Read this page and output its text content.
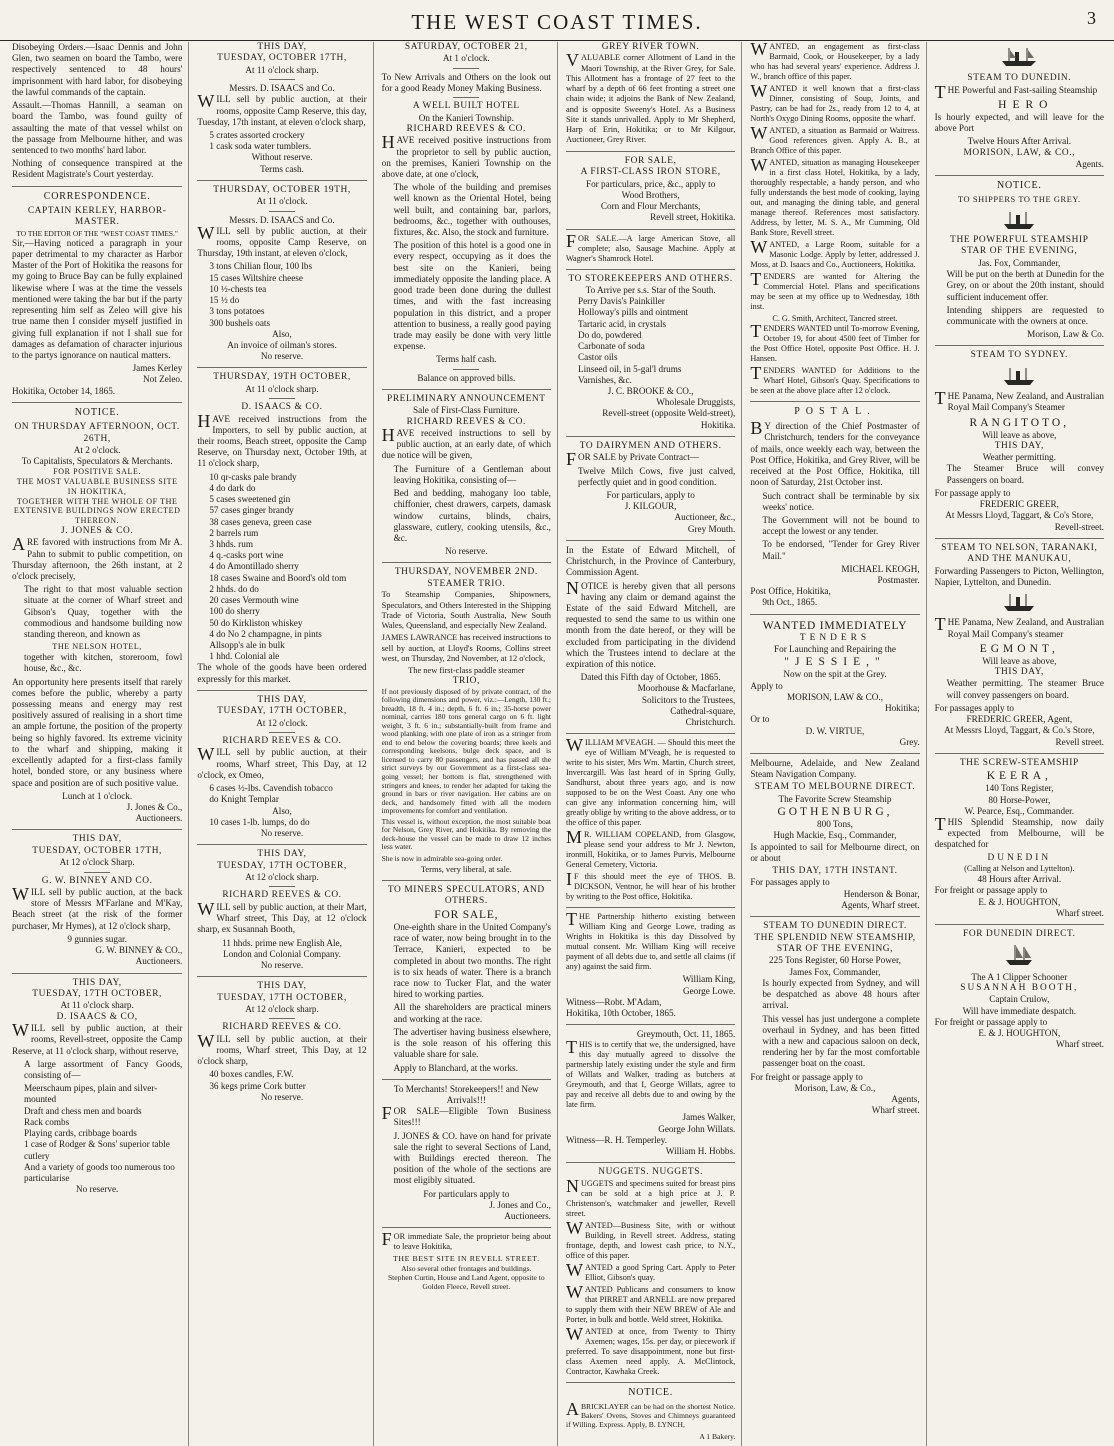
THE WEST COAST TIMES.	3

Disobeying Orders.—Isaac Dennis and John Glen, two seamen on board the Tambo, were respectively sentenced to 48 hours' imprisonment with hard labor, for disobeying the lawful commands of the captain.

Assault.—Thomas Hannill, a seaman on board the Tambo, was found guilty of assaulting the mate of that vessel whilst on the passage from Melbourne hither, and was sentenced to two months' hard labor.

Nothing of consequence transpired at the Resident Magistrate's Court yesterday.

CORRESPONDENCE.
CAPTAIN KERLEY, HARBOR-MASTER.
TO THE EDITOR OF THE "WEST COAST TIMES."

Sir,—Having noticed a paragraph in your paper detrimental to my character as Harbor Master of the Port of Hokitika the reasons for my going to Bruce Bay can be fully explained likewise where I was at the time the vessels mentioned were taking the bar but if the party representing him self as Zeleo will give his true name then I consider myself justified in giving full explanation if not I shall sue for damages as defamation of character injurious to the partys ignorance on nautical matters.

James Kerley
Not Zeleo.
Hokitika, October 14, 1865.
NOTICE.
ON THURSDAY AFTERNOON, OCT. 26TH,
At 2 o'clock.
To Capitalists, Speculators & Merchants.
FOR POSITIVE SALE.
THE MOST VALUABLE BUSINESS SITE
IN HOKITIKA,
TOGETHER WITH THE WHOLE OF THE
EXTENSIVE BUILDINGS NOW ERECTED
THEREON.
J. JONES & CO.

ARE favored with instructions from Mr A. Pahn to submit to public competition, on Thursday afternoon, the 26th instant, at 2 o'clock precisely,

The right to that most valuable section situate at the corner of Wharf street and Gibson's Quay, together with the commodious and handsome building now standing thereon, and known as

THE NELSON HOTEL,

together with kitchen, storeroom, fowl house, &c., &c.

An opportunity here presents itself that rarely comes before the public, whereby a party possessing means and energy may rest positively assured of realising in a short time an ample fortune, the position of the property being so highly favored. Its extreme vicinity to the wharf and shipping, making it excellently adapted for a first-class family hotel, bonded store, or any business where space and position are of such positive value.

Lunch at 1 o'clock.
J. Jones & Co.,
Auctioneers.
THIS DAY,
TUESDAY, OCTOBER 17TH,
At 12 o'clock Sharp.
G. W. BINNEY AND CO.

WILL sell by public auction, at the back store of Messrs M'Farlane and M'Kay, Beach street (at the risk of the former purchaser, Mr Hymes), at 12 o'clock sharp,

9 gunnies sugar.
G. W. BINNEY & CO.,
Auctioneers.
THIS DAY,
TUESDAY, 17TH OCTOBER,
At 11 o'clock sharp.
D. ISAACS & CO,

WILL sell by public auction, at their rooms, Revell-street, opposite the Camp Reserve, at 11 o'clock sharp, without reserve,

A large assortment of Fancy Goods, consisting of—

Meerschaum pipes, plain and silver-mounted
Draft and chess men and boards
Rack combs
Playing cards, cribbage boards
1 case of Rodger & Sons' superior table cutlery
And a variety of goods too numerous too particularise
No reserve.
THIS DAY,
TUESDAY, OCTOBER 17TH,
At 11 o'clock sharp.
Messrs. D. ISAACS and Co.

WILL sell by public auction, at their rooms, opposite Camp Reserve, this day, Tuesday, 17th instant, at eleven o'clock sharp,

5 crates assorted crockery
1 cask soda water tumblers.
Without reserve.
Terms cash.
THURSDAY, OCTOBER 19TH,
At 11 o'clock.
Messrs. D. ISAACS and Co.

WILL sell by public auction, at their rooms, opposite Camp Reserve, on Thursday, 19th instant, at eleven o'clock,

3 tons Chilian flour, 100 lbs
15 cases Wiltshire cheese
10 ½-chests tea
15 ½ do
3 tons potatoes
300 bushels oats
Also,
An invoice of oilman's stores.
No reserve.
THURSDAY, 19TH OCTOBER,
At 11 o'clock sharp.
D. ISAACS & CO.

HAVE received instructions from the Importers, to sell by public auction, at their rooms, Beach street, opposite the Camp Reserve, on Thursday next, October 19th, at 11 o'clock sharp,

10 qr-casks pale brandy
4 do dark do
5 cases sweetened gin
57 cases ginger brandy
38 cases geneva, green case
2 barrels rum
3 hhds. rum
4 q.-casks port wine
4 do Amontillado sherry
18 cases Swaine and Boord's old tom
2 hhds. do do
20 cases Vermouth wine
100 do sherry
50 do Kirkliston whiskey
4 do No 2 champagne, in pints
Allsopp's ale in bulk
1 hhd. Colonial ale

The whole of the goods have been ordered expressly for this market.

THIS DAY,
TUESDAY, 17TH OCTOBER,
At 12 o'clock.
RICHARD REEVES & CO.

WILL sell by public auction, at their rooms, Wharf street, This Day, at 12 o'clock, ex Omeo,

6 cases ½-lbs. Cavendish tobacco
do Knight Templar
Also,
10 cases 1-lb. lumps, do do
No reserve.
THIS DAY,
TUESDAY, 17TH OCTOBER,
At 12 o'clock sharp.
RICHARD REEVES & CO.

WILL sell by public auction, at their Mart, Wharf street, This Day, at 12 o'clock sharp, ex Susannah Booth,

11 hhds. prime new English Ale,
London and Colonial Company.
No reserve.
THIS DAY,
TUESDAY, 17TH OCTOBER,
At 12 o'clock sharp.
RICHARD REEVES & CO.

WILL sell by public auction, at their rooms, Wharf street, This Day, at 12 o'clock sharp,

40 boxes candles, F.W.
36 kegs prime Cork butter
No reserve.
SATURDAY, OCTOBER 21,
At 1 o'clock.

To New Arrivals and Others on the look out for a good Ready Money Making Business.

A WELL BUILT HOTEL
On the Kanieri Township.
RICHARD REEVES & CO.

HAVE received positive instructions from the proprietor to sell by public auction, on the premises, Kanieri Township on the above date, at one o'clock,

The whole of the building and premises well known as the Oriental Hotel, being well built, and containing bar, parlors, bedrooms, &c., together with outhouses, fixtures, &c. Also, the stock and furniture.

The position of this hotel is a good one in every respect, occupying as it does the best site on the Kanieri, being immediately opposite the landing place. A good trade been done during the dullest times, and with the fast increasing population in this district, and a proper attention to business, a really good paying trade may easily be done with very little expense.

Terms half cash.
Balance on approved bills.
PRELIMINARY ANNOUNCEMENT
Sale of First-Class Furniture.
RICHARD REEVES & CO.

HAVE received instructions to sell by public auction, at an early date, of which due notice will be given,

The Furniture of a Gentleman about leaving Hokitika, consisting of—

Bed and bedding, mahogany loo table, chiffonier, chest drawers, carpets, damask window curtains, blinds, chairs, glassware, cutlery, cooking utensils, &c., &c.

No reserve.
THURSDAY, NOVEMBER 2ND.
STEAMER TRIO.

To Steamship Companies, Shipowners, Speculators, and Others Interested in the Shipping Trade of Victoria, South Australia, New South Wales, Queensland, and especially New Zealand.

JAMES LAWRANCE has received instructions to sell by auction, at Lloyd's Rooms, Collins street west, on Thursday, 2nd November, at 12 o'clock,

The new first-class paddle steamer
TRIO,

If not previously disposed of by private contract, of the following dimensions and power, viz.:—Length, 130 ft.; breadth, 18 ft. 4 in.; depth, 6 ft. 6 in.; 35-horse power nominal, carries 180 tons general cargo on 6 ft. light weight, 3 ft. 6 in.; substantially-built from frame and wood planking, with one plate of iron as a stringer from end to end below the covering boards; three keels and corresponding keelsons, bulge deck space, and is licensed to carry 80 passengers, and has passed all the strict surveys by our Government as a first-class sea-going vessel; her bottom is flat, strengthened with stringers and knees, to render her adapted for taking the ground in bars or river navigation. Her cabins are on deck, and handsomely fitted with all the modern improvements for comfort and ventilation.

This vessel is, without exception, the most suitable boat for Nelson, Grey River, and Hokitika. By removing the deck-house the vessel can be made to draw 12 inches less water.

She is now in admirable sea-going order.

Terms, very liberal, at sale.
TO MINERS SPECULATORS, AND OTHERS.
FOR SALE,

One-eighth share in the United Company's race of water, now being brought in to the Terrace, Kanieri, expected to be completed in about two months. The right is to six heads of water. There is a branch race now to Tucker Flat, and the water hired to working parties.

All the shareholders are practical miners and working at the race.

The advertiser having business elsewhere, is the sole reason of his offering this valuable share for sale.

Apply to Blanchard, at the works.

To Merchants! Storekeepers!! and New Arrivals!!!

FOR SALE—Eligible Town Business Sites!!!

J. JONES & CO. have on hand for private sale the right to several Sections of Land, with Buildings erected thereon. The position of the whole of the sections are most eligibly situated.

For particulars apply to
J. Jones and Co.,
Auctioneers.

FOR immediate Sale, the proprietor being about to leave Hokitika,

THE BEST SITE IN REVELL STREET.
Also several other frontages and buildings.
Stephen Curtin, House and Land Agent, opposite to Golden Fleece, Revell street.
GREY RIVER TOWN.

VALUABLE corner Allotment of Land in the Maori Township, at the River Grey, for Sale. This Allotment has a frontage of 27 feet to the wharf by a depth of 66 feet fronting a street one chain wide; it adjoins the Bank of New Zealand, and is opposite Sweeny's Hotel. As a Business Site it stands unrivalled. Apply to Mr Shepherd, Harp of Erin, Hokitika; or to Mr Kilgour, Auctioneer, Grey River.

FOR SALE,
A FIRST-CLASS IRON STORE,
For particulars, price, &c., apply to
Wood Brothers,
Corn and Flour Merchants,
Revell street, Hokitika.

FOR SALE.—A large American Stove, all complete; also, Sausage Machine. Apply at Wagner's Shamrock Hotel.

TO STOREKEEPERS AND OTHERS.
To Arrive per s.s. Star of the South.
Perry Davis's Painkiller
Holloway's pills and ointment
Tartaric acid, in crystals
Do do, powdered
Carbonate of soda
Castor oils
Linseed oil, in 5-gal'l drums
Varnishes, &c.
J. C. BROOKE & CO.,
Wholesale Druggists,
Revell-street (opposite Weld-street),
Hokitika.
TO DAIRYMEN AND OTHERS.

FOR SALE by Private Contract—

Twelve Milch Cows, five just calved, perfectly quiet and in good condition.

For particulars, apply to
J. KILGOUR,
Auctioneer, &c.,
Grey Mouth.

In the Estate of Edward Mitchell, of Christchurch, in the Province of Canterbury, Commission Agent.

NOTICE is hereby given that all persons having any claim or demand against the Estate of the said Edward Mitchell, are requested to send the same to us within one month from the date hereof, or they will be excluded from participating in the dividend which the Trustees intend to declare at the expiration of this notice.

Dated this Fifth day of October, 1865.
Moorhouse & Macfarlane,
Solicitors to the Trustees,
Cathedral-square,
Christchurch.

WILLIAM M'VEAGH. — Should this meet the eye of William M'Veagh, he is requested to write to his sister, Mrs Wm. Martin, Church street, Invercargill. Was last heard of in Spring Gully, Sandhurst, about three years ago, and is now supposed to be on the West Coast. Any one who can give any information concerning him, will greatly oblige by writing to the above address, or to the office of this paper.

MR. WILLIAM COPELAND, from Glasgow, please send your address to Mr J. Newton, ironmill, Hokitika, or to James Purvis, Melbourne General Cemetery, Victoria.

IF this should meet the eye of THOS. B. DICKSON, Ventnor, he will hear of his brother by writing to the Post office, Hokitika.

THE Partnership hitherto existing between William King and George Lowe, trading as Wrights in Hokitika is this day Dissolved by mutual consent. Mr. William King will receive payment of all debts due to, and settle all claims (if any) against the said firm.

William King,
George Lowe.
Witness—Robt. M'Adam,
Hokitika, 10th October, 1865.
Greymouth, Oct. 11, 1865.

THIS is to certify that we, the undersigned, have this day mutually agreed to dissolve the partnership lately existing under the style and firm of Willats and Walker, trading as butchers at Greymouth, and that I, George Willats, agree to pay and receive all debts due to and owing by the late firm.

James Walker,
George John Willats.
Witness—R. H. Temperley.
William H. Hobbs.
NUGGETS. NUGGETS.

NUGGETS and specimens suited for breast pins can be sold at a high price at J. P. Christenson's, watchmaker and jeweller, Revell street.

WANTED—Business Site, with or without Building, in Revell street. Address, stating frontage, depth, and lowest cash price, to N.Y., office of this paper.

WANTED a good Spring Cart. Apply to Peter Elliot, Gibson's quay.

WANTED Publicans and consumers to know that PIRRET and ARNELL are now prepared to supply them with their NEW BREW of Ale and Porter, in bulk and bottle. Weld street, Hokitika.

WANTED at once, from Twenty to Thirty Axemen; wages, 15s. per day, or piecework if preferred. To save disappointment, none but first-class Axemen need apply. A. McClintock, Contractor, Kawhaka Creek.

NOTICE.

ABRICKLAYER can be had on the shortest Notice. Bakers' Ovens, Stoves and Chimneys guaranteed if Willing. Express. Apply, B. LYNCH,

A 1 Bakery.

WANTED, an engagement as first-class Barmaid, Cook, or Housekeeper, by a lady who has had several years' experience. Address J. W., branch office of this paper.

WANTED it well known that a first-class Dinner, consisting of Soup, Joints, and Pastry, can be had for 2s., ready from 12 to 4, at North's Oxygo Dining Rooms, opposite the wharf.

WANTED, a situation as Barmaid or Waitress. Good references given. Apply A. B., at Branch Office of this paper.

WANTED, situation as managing Housekeeper in a first class Hotel, Hokitika, by a lady, thoroughly respectable, a handy person, and who fully understands the best mode of cooking, laying out, and managing the dining table, and general manage thereof. References most satisfactory. Address, by letter, M. S. A., Mr Cumming, Old Bank Store, Revell street.

WANTED, a Large Room, suitable for a Masonic Lodge. Apply by letter, addressed J. Moss, at D. Isaacs and Co., Auctioneers, Hokitika.

TENDERS are wanted for Altering the Commercial Hotel. Plans and specifications may be seen at my office up to Wednesday, 18th inst.

C. G. Smith, Architect, Tancred street.

TENDERS WANTED until To-morrow Evening, October 19, for about 4500 feet of Timber for the Post Office Hotel, opposite Post Office. H. J. Hansen.

TENDERS WANTED for Additions to the Wharf Hotel, Gibson's Quay. Specifications to be seen at the above place after 12 o'clock.

POSTAL.

BY direction of the Chief Postmaster of Christchurch, tenders for the conveyance of mails, once weekly each way, between the Post Office, Hokitika, and Grey River, will be received at the Post Office, Hokitika, till noon of Saturday, 21st October inst.

Such contract shall be terminable by six weeks' notice.

The Government will not be bound to accept the lowest or any tender.

To be endorsed, "Tender for Grey River Mail."

MICHAEL KEOGH,
Postmaster.
Post Office, Hokitika,
9th Oct., 1865.
WANTED IMMEDIATELY
TENDERS
For Launching and Repairing the
"JESSIE,"
Now on the spit at the Grey.
Apply to
MORISON, LAW & CO.,
Hokitika;
Or to
D. W. VIRTUE,
Grey.

Melbourne, Adelaide, and New Zealand Steam Navigation Company.

STEAM TO MELBOURNE DIRECT.
The Favorite Screw Steamship
GOTHENBURG,
800 Tons,
Hugh Mackie, Esq., Commander,

Is appointed to sail for Melbourne direct, on or about

THIS DAY, 17TH INSTANT.
For passages apply to
Henderson & Bonar,
Agents, Wharf street.
STEAM TO DUNEDIN DIRECT.
THE SPLENDID NEW STEAMSHIP,
STAR OF THE EVENING,
225 Tons Register, 60 Horse Power,
James Fox, Commander,

Is hourly expected from Sydney, and will be despatched as above 48 hours after arrival.

This vessel has just undergone a complete overhaul in Sydney, and has been fitted with a new and capacious saloon on deck, rendering her by far the most comfortable passenger boat on the coast.

For freight or passage apply to
Morison, Law, & Co.,
Agents,
Wharf street.
STEAM TO DUNEDIN.

THE Powerful and Fast-sailing Steamship

HERO

Is hourly expected, and will leave for the above Port

Twelve Hours After Arrival.
MORISON, LAW, & CO.,
Agents.
NOTICE.
TO SHIPPERS TO THE GREY.
THE POWERFUL STEAMSHIP
STAR OF THE EVENING,
Jas. Fox, Commander,

Will be put on the berth at Dunedin for the Grey, on or about the 20th instant, should sufficient inducement offer.

Intending shippers are requested to communicate with the owners at once.

Morison, Law & Co.
STEAM TO SYDNEY.

THE Panama, New Zealand, and Australian Royal Mail Company's Steamer

RANGITOTO,
Will leave as above,
THIS DAY,
Weather permitting.

The Steamer Bruce will convey Passengers on board.

For passage apply to
FREDERIC GREER,
At Messrs Lloyd, Taggart, & Co's Store,
Revell-street.
STEAM TO NELSON, TARANAKI, AND THE MANUKAU,

Forwarding Passengers to Picton, Wellington, Napier, Lyttelton, and Dunedin.

THE Panama, New Zealand, and Australian Royal Mail Company's steamer

EGMONT,
Will leave as above,
THIS DAY,

Weather permitting. The steamer Bruce will convey passengers on board.

For passages apply to
FREDERIC GREER, Agent,
At Messrs Lloyd, Taggart, & Co.'s Store,
Revell street.
THE SCREW-STEAMSHIP
KEERA,
140 Tons Register,
80 Horse-Power,
W. Pearce, Esq., Commander.

THIS Splendid Steamship, now daily expected from Melbourne, will be despatched for

DUNEDIN
(Calling at Nelson and Lyttelton).
48 Hours after Arrival.
For freight or passage apply to
E. & J. HOUGHTON,
Wharf street.
FOR DUNEDIN DIRECT.
The A 1 Clipper Schooner
SUSANNAH BOOTH,
Captain Crulow,
Will have immediate despatch.
For freight or passage apply to
E. & J. HOUGHTON,
Wharf street.
